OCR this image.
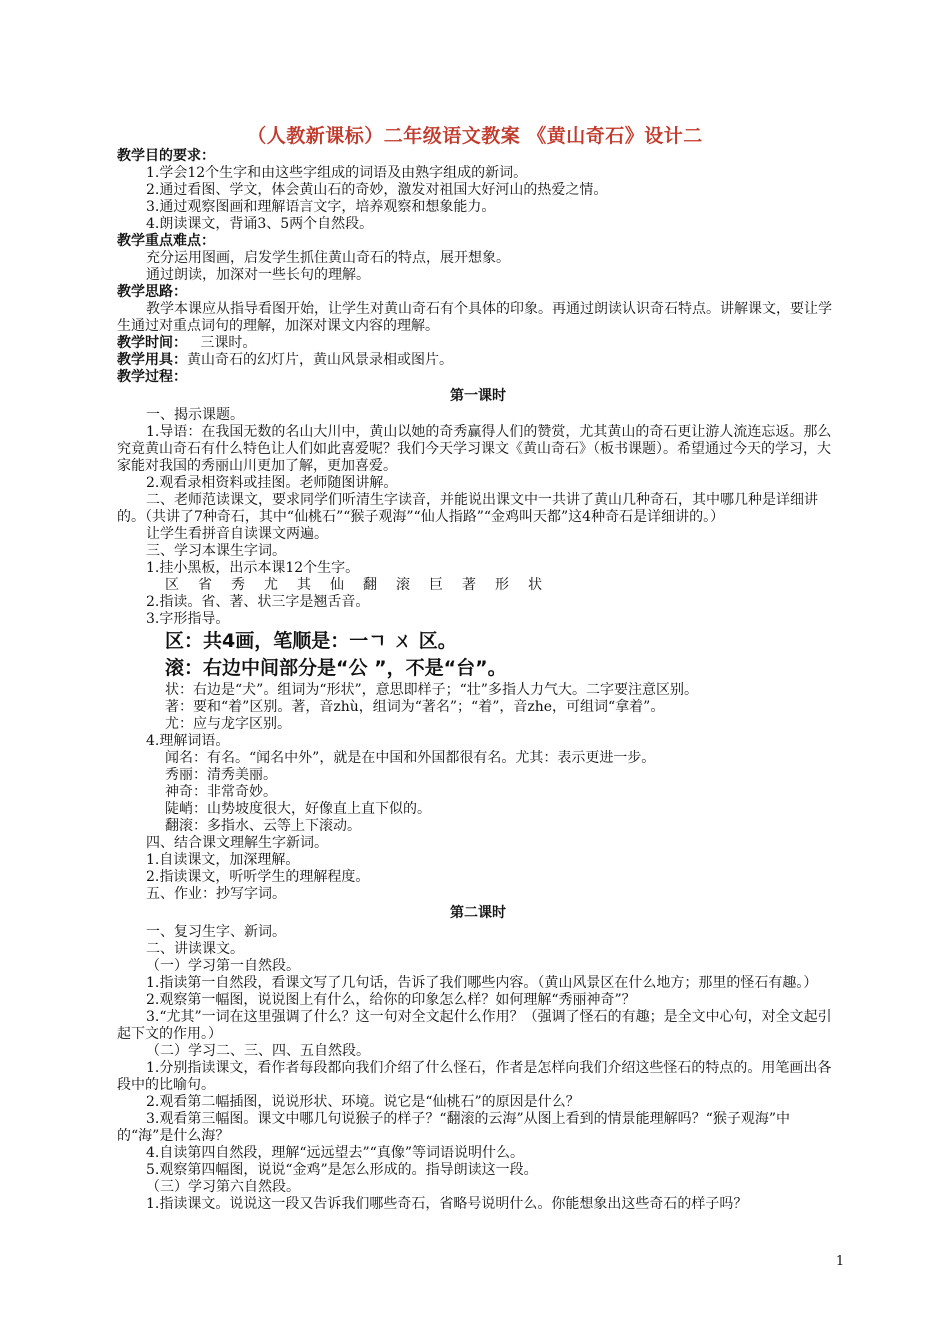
（人教新课标）二年级语文教案 《黄山奇石》设计二
教学目的要求：
1.学会12个生字和由这些字组成的词语及由熟字组成的新词。
2.通过看图、学文，体会黄山石的奇妙，激发对祖国大好河山的热爱之情。
3.通过观察图画和理解语言文字，培养观察和想象能力。
4.朗读课文，背诵3、5两个自然段。
教学重点难点：
充分运用图画，启发学生抓住黄山奇石的特点，展开想象。
通过朗读，加深对一些长句的理解。
教学思路：
教学本课应从指导看图开始，让学生对黄山奇石有个具体的印象。再通过朗读认识奇石特点。讲解课文，要让学生通过对重点词句的理解，加深对课文内容的理解。
教学时间： 三课时。
教学用具：黄山奇石的幻灯片，黄山风景录相或图片。
教学过程：
第一课时
一、揭示课题。
1.导语：在我国无数的名山大川中，黄山以她的奇秀赢得人们的赞赏，尤其黄山的奇石更让游人流连忘返。那么究竟黄山奇石有什么特色让人们如此喜爱呢？我们今天学习课文《黄山奇石》（板书课题）。希望通过今天的学习，大家能对我国的秀丽山川更加了解，更加喜爱。
2.观看录相资料或挂图。老师随图讲解。
二、老师范读课文，要求同学们听清生字读音，并能说出课文中一共讲了黄山几种奇石，其中哪几种是详细讲的。（共讲了7种奇石，其中“仙桃石”“猴子观海”“仙人指路”“金鸡叫天都”这4种奇石是详细讲的。）
让学生看拼音自读课文两遍。
三、学习本课生字词。
1.挂小黑板，出示本课12个生字。
区 省 秀 尤 其 仙 翻 滚 巨 著 形 状
2.指读。省、著、状三字是翘舌音。
3.字形指导。
区：共4画，笔顺是：一ㄱ ㄨ 区。
滚：右边中间部分是“公 ”，不是“台”。
状：右边是“犬”。组词为“形状”，意思即样子；“壮”多指人力气大。二字要注意区别。
著：要和“着”区别。著，音zhù，组词为“著名”；“着”，音zhe，可组词“拿着”。
尤：应与龙字区别。
4.理解词语。
闻名：有名。“闻名中外”，就是在中国和外国都很有名。尤其：表示更进一步。
秀丽：清秀美丽。
神奇：非常奇妙。
陡峭：山势坡度很大，好像直上直下似的。
翻滚：多指水、云等上下滚动。
四、结合课文理解生字新词。
1.自读课文，加深理解。
2.指读课文，听听学生的理解程度。
五、作业：抄写字词。
第二课时
一、复习生字、新词。
二、讲读课文。
（一）学习第一自然段。
1.指读第一自然段，看课文写了几句话，告诉了我们哪些内容。（黄山风景区在什么地方；那里的怪石有趣。）
2.观察第一幅图，说说图上有什么，给你的印象怎么样？如何理解“秀丽神奇”？
3.“尤其”一词在这里强调了什么？这一句对全文起什么作用？（强调了怪石的有趣；是全文中心句，对全文起引起下文的作用。）
（二）学习二、三、四、五自然段。
1.分别指读课文，看作者每段都向我们介绍了什么怪石，作者是怎样向我们介绍这些怪石的特点的。用笔画出各段中的比喻句。
2.观看第二幅插图，说说形状、环境。说它是“仙桃石”的原因是什么？
3.观看第三幅图。课文中哪几句说猴子的样子？“翻滚的云海”从图上看到的情景能理解吗？“猴子观海”中的“海”是什么海？
4.自读第四自然段，理解“远远望去”“真像”等词语说明什么。
5.观察第四幅图，说说“金鸡”是怎么形成的。指导朗读这一段。
（三）学习第六自然段。
1.指读课文。说说这一段又告诉我们哪些奇石，省略号说明什么。你能想象出这些奇石的样子吗？
1
